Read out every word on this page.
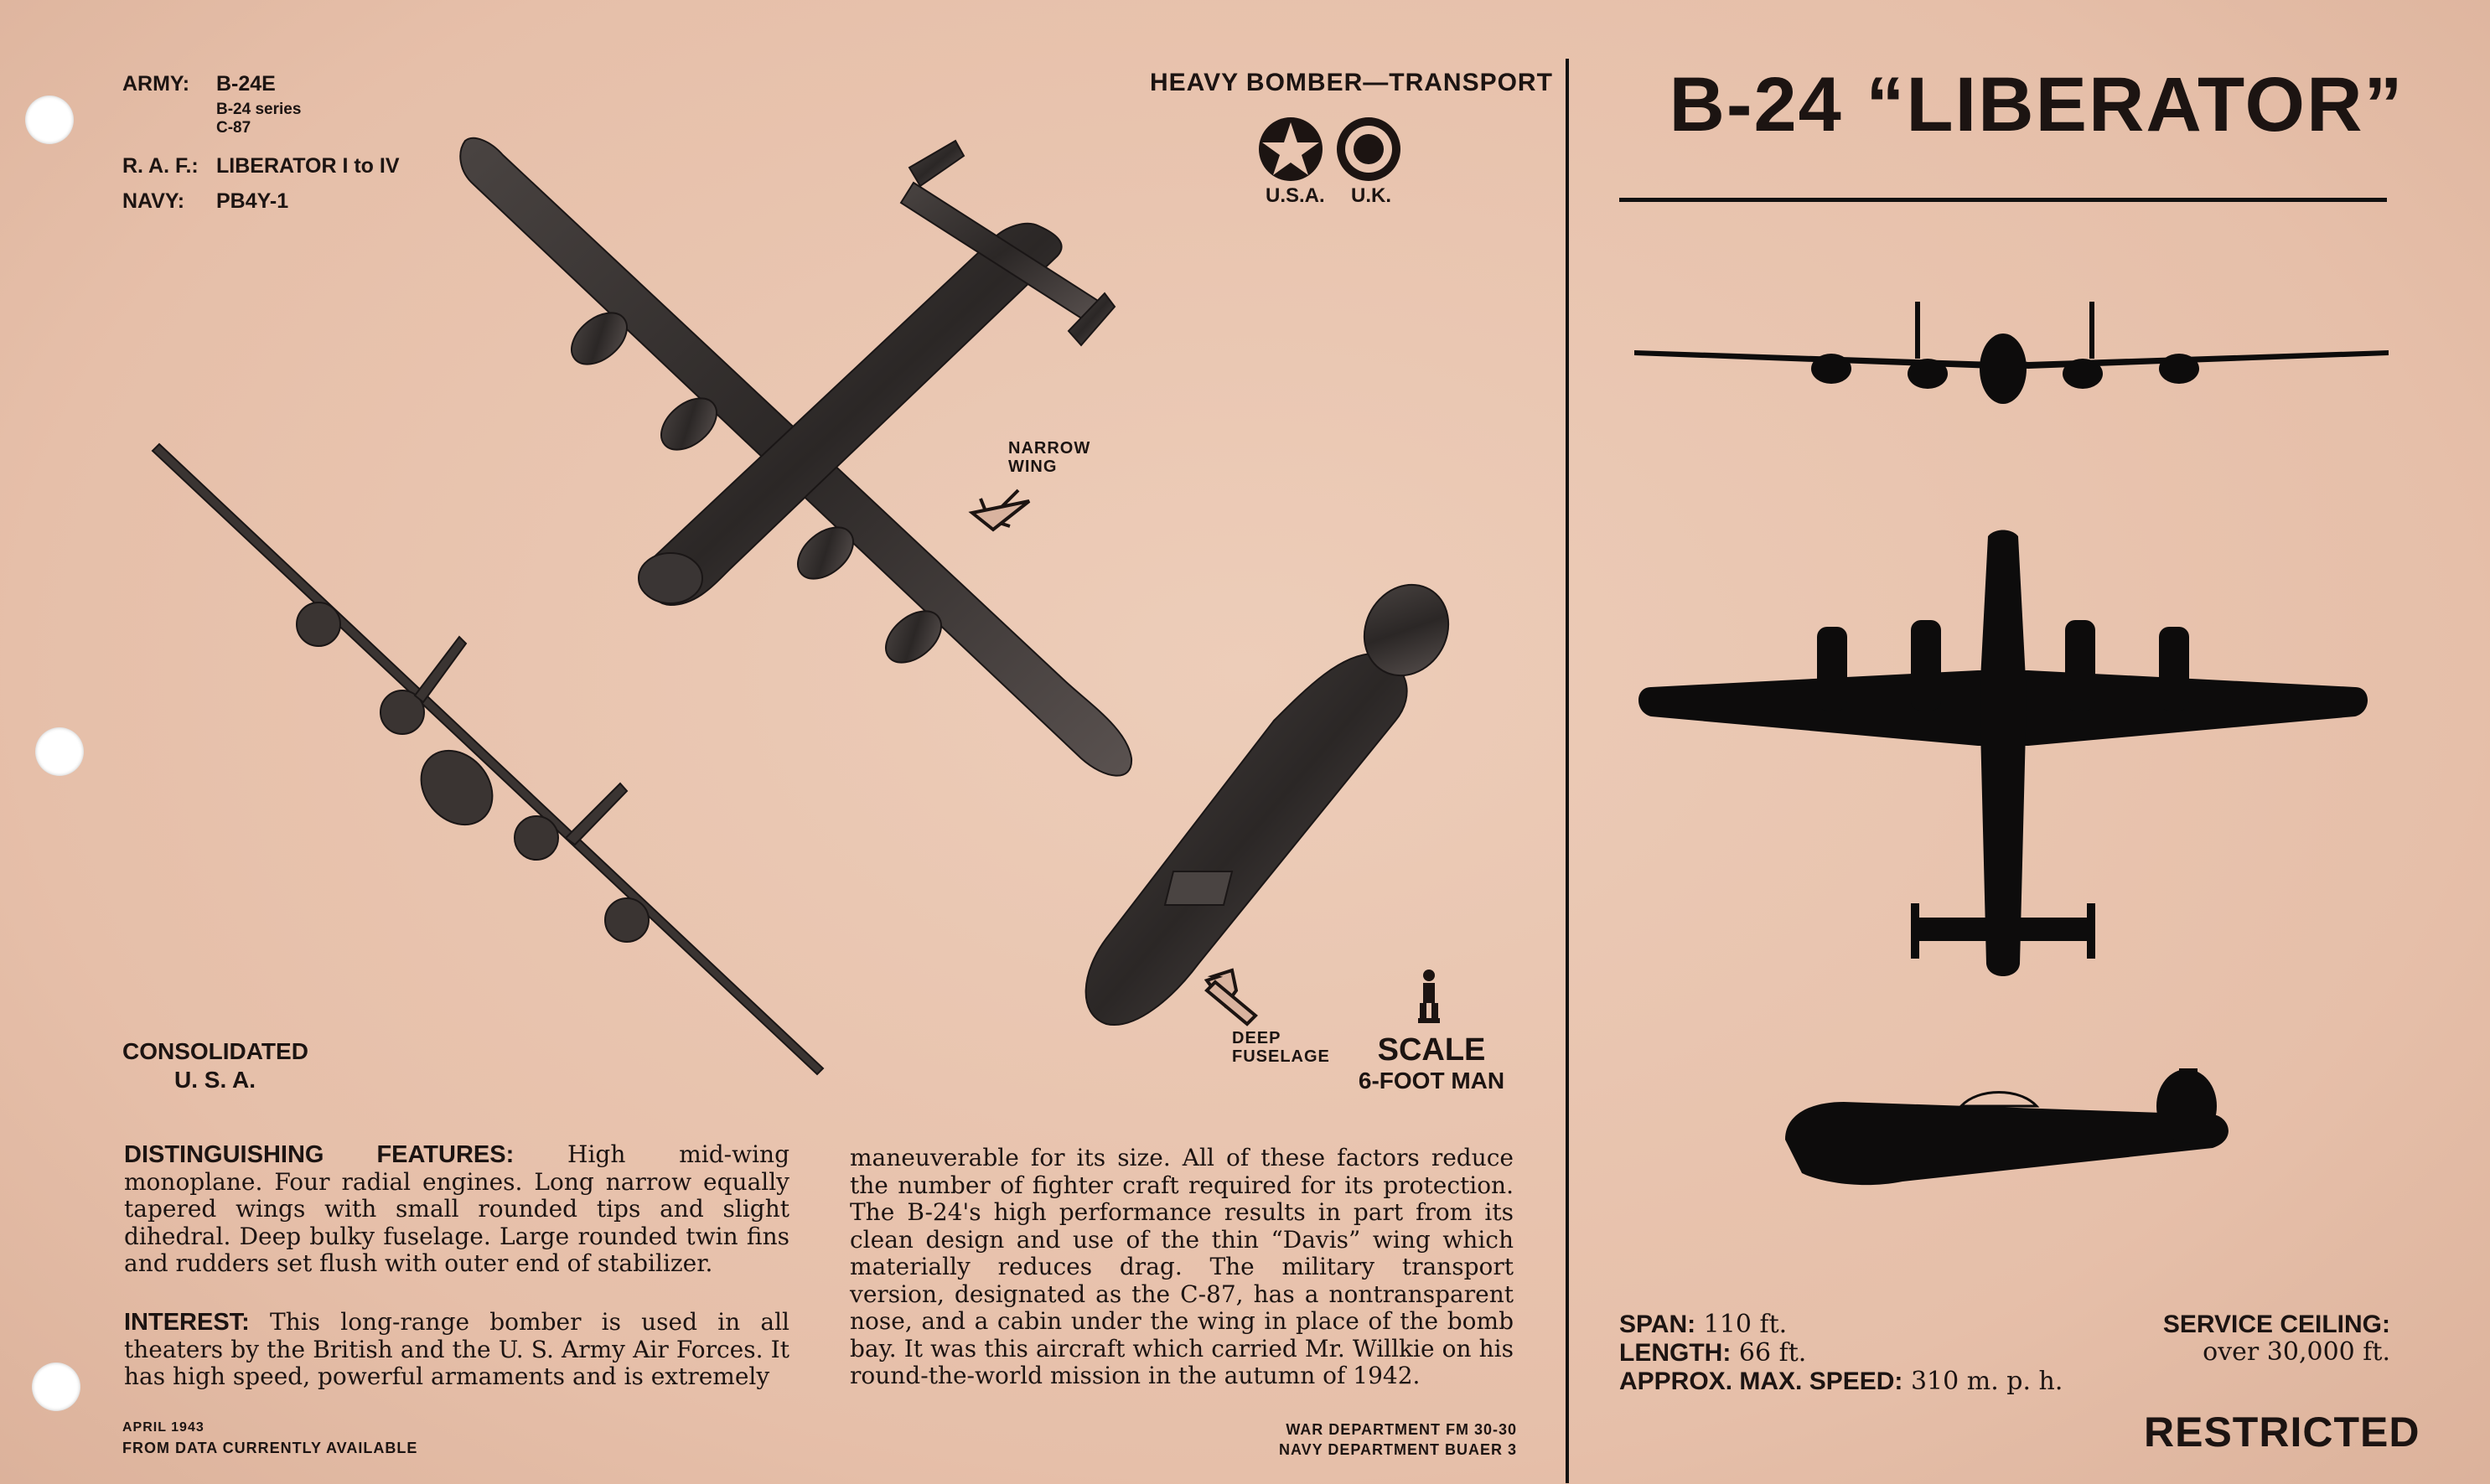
ARMY: B-24E
B-24 series
C-87
R. A. F.: LIBERATOR I to IV
NAVY: PB4Y-1
HEAVY BOMBER—TRANSPORT
U.S.A. U.K.
NARROW
WING
DEEP
FUSELAGE	SCALE
6-FOOT MAN
CONSOLIDATED
U. S. A.
DISTINGUISHING FEATURES: High mid-wing monoplane. Four radial engines. Long narrow equally tapered wings with small rounded tips and slight dihedral. Deep bulky fuselage. Large rounded twin fins and rudders set flush with outer end of stabilizer.
INTEREST: This long-range bomber is used in all theaters by the British and the U. S. Army Air Forces. It has high speed, powerful armaments and is extremely
maneuverable for its size. All of these factors reduce the number of fighter craft required for its protection. The B-24's high performance results in part from its clean design and use of the thin “Davis” wing which materially reduces drag. The military transport version, designated as the C-87, has a nontransparent nose, and a cabin under the wing in place of the bomb bay. It was this aircraft which carried Mr. Willkie on his round-the-world mission in the autumn of 1942.
APRIL 1943
FROM DATA CURRENTLY AVAILABLE
WAR DEPARTMENT FM 30-30
NAVY DEPARTMENT BUAER 3
B-24 “LIBERATOR”
SPAN: 110 ft.
LENGTH: 66 ft.
APPROX. MAX. SPEED: 310 m. p. h.
SERVICE CEILING:
over 30,000 ft.
RESTRICTED
